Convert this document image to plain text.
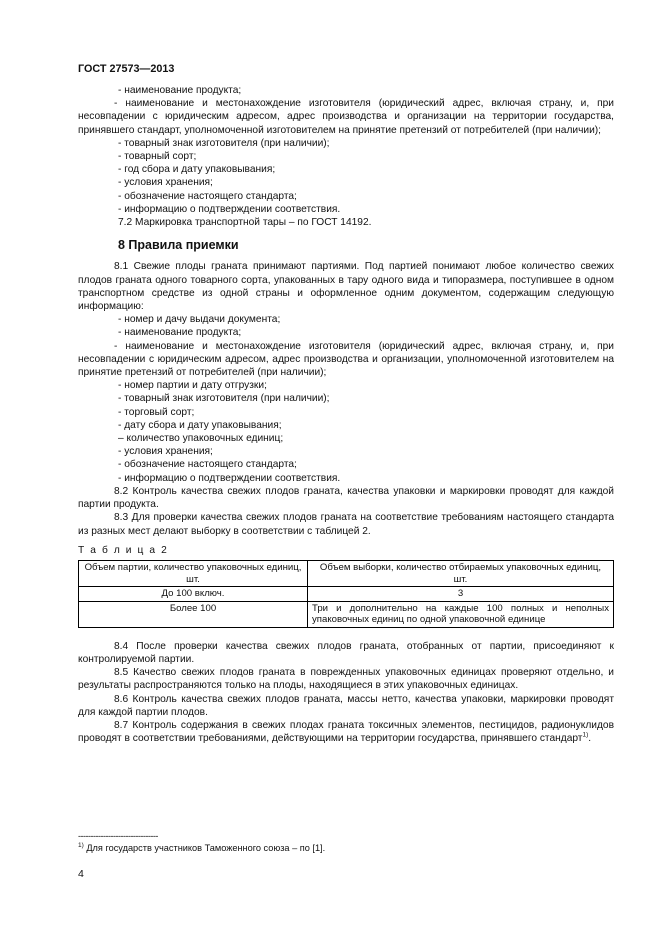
ГОСТ 27573—2013

- наименование продукта;

- наименование и местонахождение изготовителя (юридический адрес, включая страну, и, при несовпадении с юридическим адресом, адрес производства и организации на территории государства, принявшего стандарт, уполномоченной изготовителем на принятие претензий от потребителей (при наличии);

- товарный знак изготовителя (при наличии);

- товарный сорт;

- год сбора и дату упаковывания;

- условия хранения;

- обозначение настоящего стандарта;

- информацию о подтверждении соответствия.

7.2 Маркировка транспортной тары – по ГОСТ 14192.

8 Правила приемки

8.1 Свежие плоды граната принимают партиями. Под партией понимают любое количество свежих плодов граната одного товарного сорта, упакованных в тару одного вида и типоразмера, поступившее в одном транспортном средстве из одной страны и оформленное одним документом, содержащим следующую информацию:

- номер и дачу выдачи документа;

- наименование продукта;

- наименование и местонахождение изготовителя (юридический адрес, включая страну, и, при несовпадении с юридическим адресом, адрес производства и организации, уполномоченной изготовителем на принятие претензий от потребителей (при наличии);

- номер партии и дату отгрузки;

- товарный знак изготовителя (при наличии);

- торговый сорт;

- дату сбора и дату упаковывания;

– количество упаковочных единиц;

- условия хранения;

- обозначение настоящего стандарта;

- информацию о подтверждении соответствия.

8.2 Контроль качества свежих плодов граната, качества упаковки и маркировки проводят для каждой партии продукта.

8.3 Для проверки качества свежих плодов граната на соответствие требованиям настоящего стандарта из разных мест делают выборку в соответствии с таблицей 2.

Т а б л и ц а 2
Объем партии, количество упаковочных единиц, шт.	Объем выборки, количество отбираемых упаковочных единиц, шт.
До 100 включ.	3
Более 100	Три и дополнительно на каждые 100 полных и неполных упаковочных единиц по одной упаковочной единице

8.4 После проверки качества свежих плодов граната, отобранных от партии, присоединяют к контролируемой партии.

8.5 Качество свежих плодов граната в поврежденных упаковочных единицах проверяют отдельно, и результаты распространяются только на плоды, находящиеся в этих упаковочных единицах.

8.6 Контроль качества свежих плодов граната, массы нетто, качества упаковки, маркировки проводят для каждой партии плодов.

8.7 Контроль содержания в свежих плодах граната токсичных элементов, пестицидов, радионуклидов проводят в соответствии требованиями, действующими на территории государства, принявшего стандарт$^{1)}$.

--------------------------------
$^{1)}$ Для государств участников Таможенного союза – по [1].
4
